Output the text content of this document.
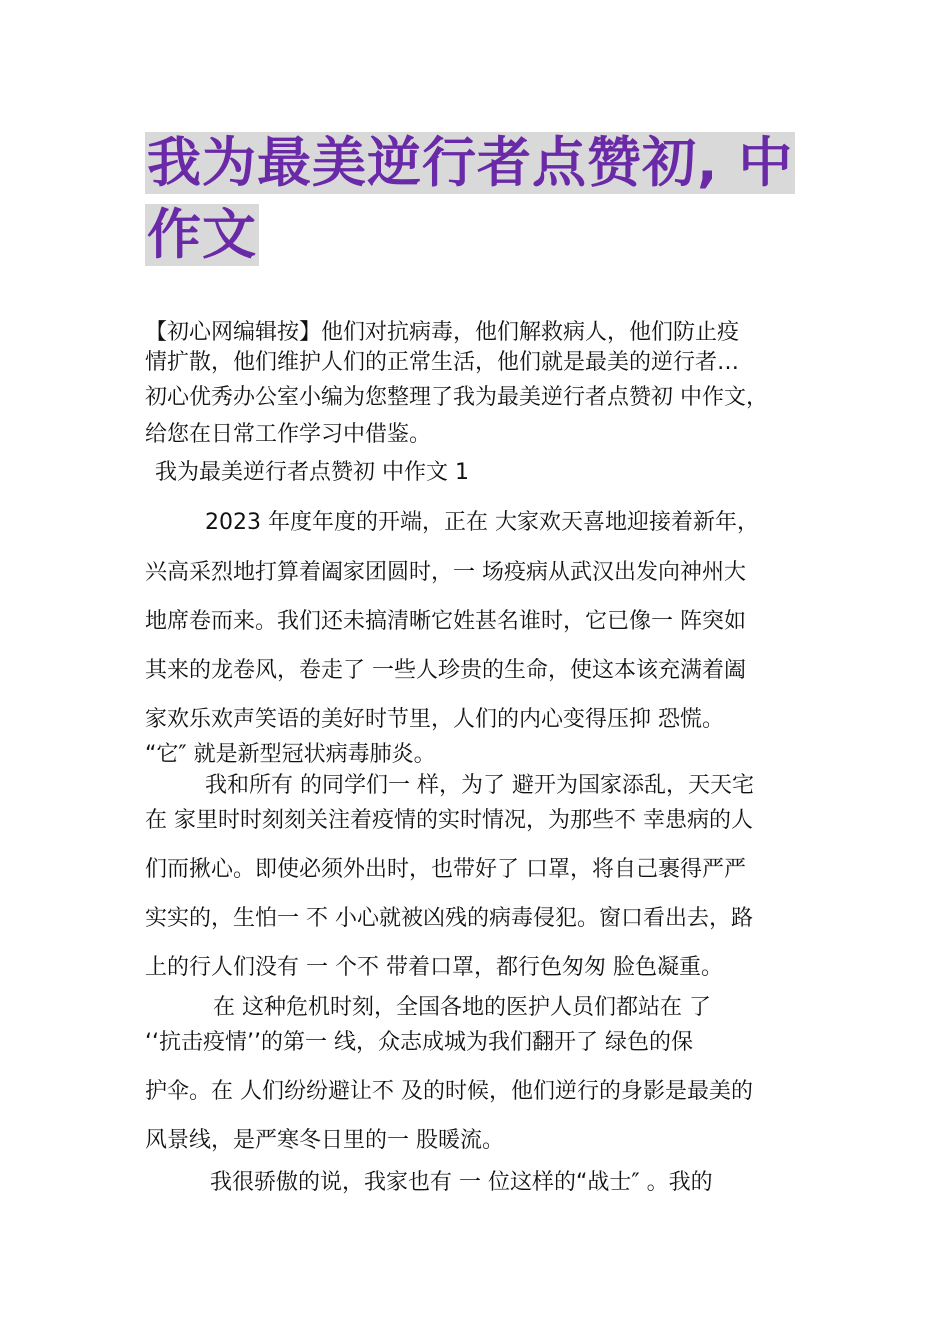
我为最美逆行者点赞初, 中
作文
【初心网编辑按】他们对抗病毒，他们解救病人，他们防止疫
情扩散，他们维护人们的正常生活，他们就是最美的逆行者…
初心优秀办公室小编为您整理了我为最美逆行者点赞初 中作文，
给您在日常工作学习中借鉴。
我为最美逆行者点赞初 中作文 1
2023 年度年度的开端，正在 大家欢天喜地迎接着新年，
兴高采烈地打算着阖家团圆时，一 场疫病从武汉出发向神州大
地席卷而来。我们还未搞清晰它姓甚名谁时，它已像一 阵突如
其来的龙卷风，卷走了 一些人珍贵的生命，使这本该充满着阖
家欢乐欢声笑语的美好时节里，人们的内心变得压抑 恐慌。
“它″ 就是新型冠状病毒肺炎。
我和所有 的同学们一 样，为了 避开为国家添乱，天天宅
在 家里时时刻刻关注着疫情的实时情况，为那些不 幸患病的人
们而揪心。即使必须外出时，也带好了 口罩，将自己裹得严严
实实的，生怕一 不 小心就被凶残的病毒侵犯。窗口看出去，路
上的行人们没有 一 个不 带着口罩，都行色匆匆 脸色凝重。
在 这种危机时刻，全国各地的医护人员们都站在 了
‘‘抗击疫情’’的第一 线，众志成城为我们翻开了 绿色的保
护伞。在 人们纷纷避让不 及的时候，他们逆行的身影是最美的
风景线，是严寒冬日里的一 股暖流。
我很骄傲的说，我家也有 一 位这样的“战士″ 。我的
